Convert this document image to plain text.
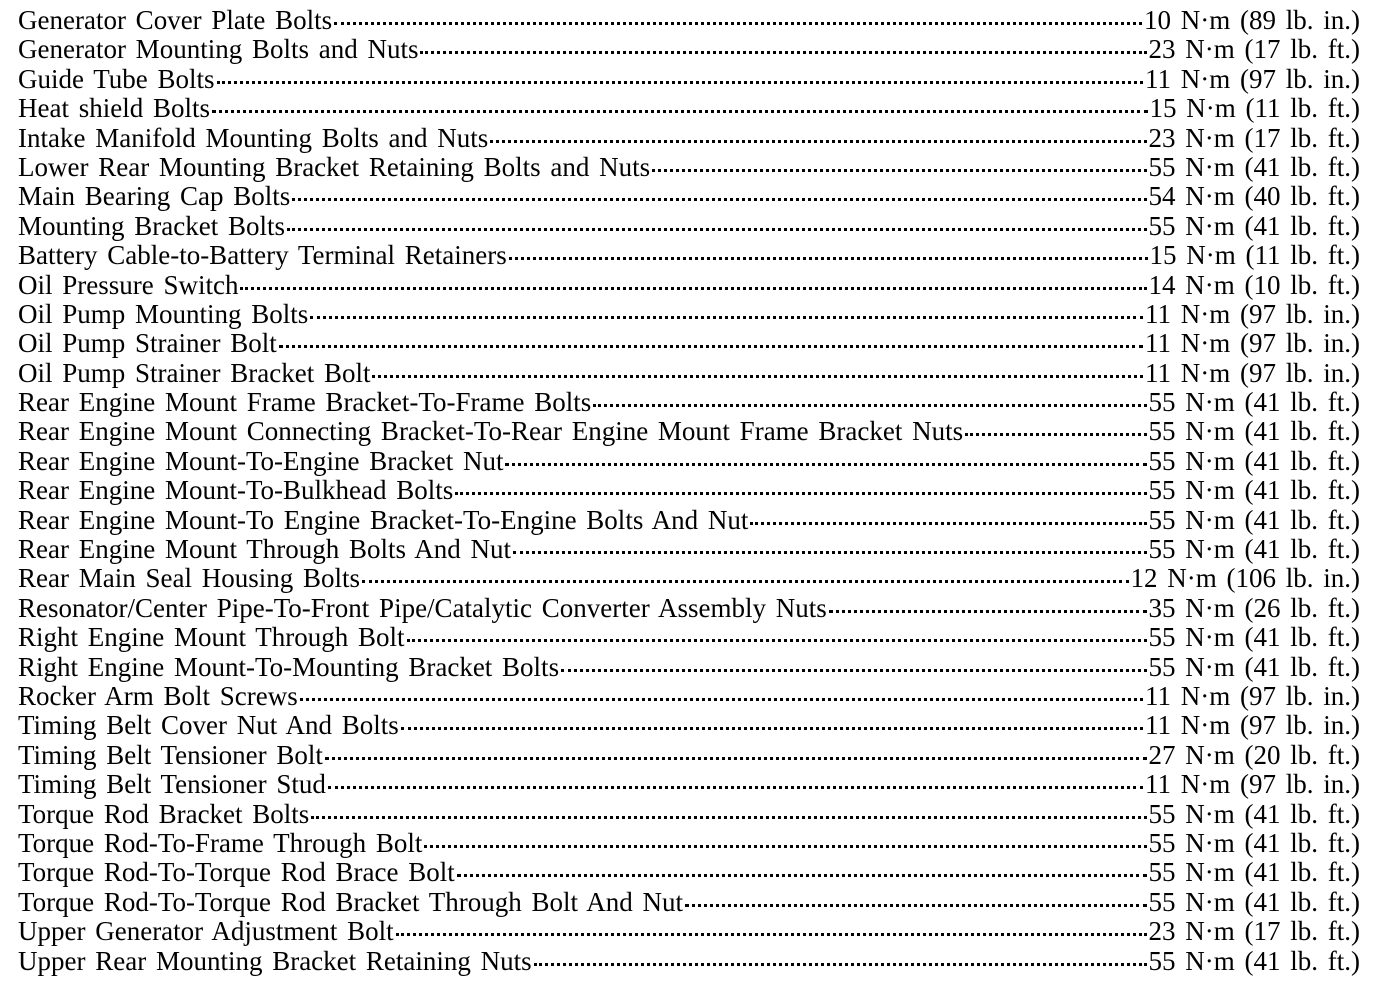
Generator Cover Plate Bolts	10 N·m (89 lb. in.)
Generator Mounting Bolts and Nuts	23 N·m (17 lb. ft.)
Guide Tube Bolts	11 N·m (97 lb. in.)
Heat shield Bolts	15 N·m (11 lb. ft.)
Intake Manifold Mounting Bolts and Nuts	23 N·m (17 lb. ft.)
Lower Rear Mounting Bracket Retaining Bolts and Nuts	55 N·m (41 lb. ft.)
Main Bearing Cap Bolts	54 N·m (40 lb. ft.)
Mounting Bracket Bolts	55 N·m (41 lb. ft.)
Battery Cable-to-Battery Terminal Retainers	15 N·m (11 lb. ft.)
Oil Pressure Switch	14 N·m (10 lb. ft.)
Oil Pump Mounting Bolts	11 N·m (97 lb. in.)
Oil Pump Strainer Bolt	11 N·m (97 lb. in.)
Oil Pump Strainer Bracket Bolt	11 N·m (97 lb. in.)
Rear Engine Mount Frame Bracket-To-Frame Bolts	55 N·m (41 lb. ft.)
Rear Engine Mount Connecting Bracket-To-Rear Engine Mount Frame Bracket Nuts	55 N·m (41 lb. ft.)
Rear Engine Mount-To-Engine Bracket Nut	55 N·m (41 lb. ft.)
Rear Engine Mount-To-Bulkhead Bolts	55 N·m (41 lb. ft.)
Rear Engine Mount-To Engine Bracket-To-Engine Bolts And Nut	55 N·m (41 lb. ft.)
Rear Engine Mount Through Bolts And Nut	55 N·m (41 lb. ft.)
Rear Main Seal Housing Bolts	12 N·m (106 lb. in.)
Resonator/Center Pipe-To-Front Pipe/Catalytic Converter Assembly Nuts	35 N·m (26 lb. ft.)
Right Engine Mount Through Bolt	55 N·m (41 lb. ft.)
Right Engine Mount-To-Mounting Bracket Bolts	55 N·m (41 lb. ft.)
Rocker Arm Bolt Screws	11 N·m (97 lb. in.)
Timing Belt Cover Nut And Bolts	11 N·m (97 lb. in.)
Timing Belt Tensioner Bolt	27 N·m (20 lb. ft.)
Timing Belt Tensioner Stud	11 N·m (97 lb. in.)
Torque Rod Bracket Bolts	55 N·m (41 lb. ft.)
Torque Rod-To-Frame Through Bolt	55 N·m (41 lb. ft.)
Torque Rod-To-Torque Rod Brace Bolt	55 N·m (41 lb. ft.)
Torque Rod-To-Torque Rod Bracket Through Bolt And Nut	55 N·m (41 lb. ft.)
Upper Generator Adjustment Bolt	23 N·m (17 lb. ft.)
Upper Rear Mounting Bracket Retaining Nuts	55 N·m (41 lb. ft.)
